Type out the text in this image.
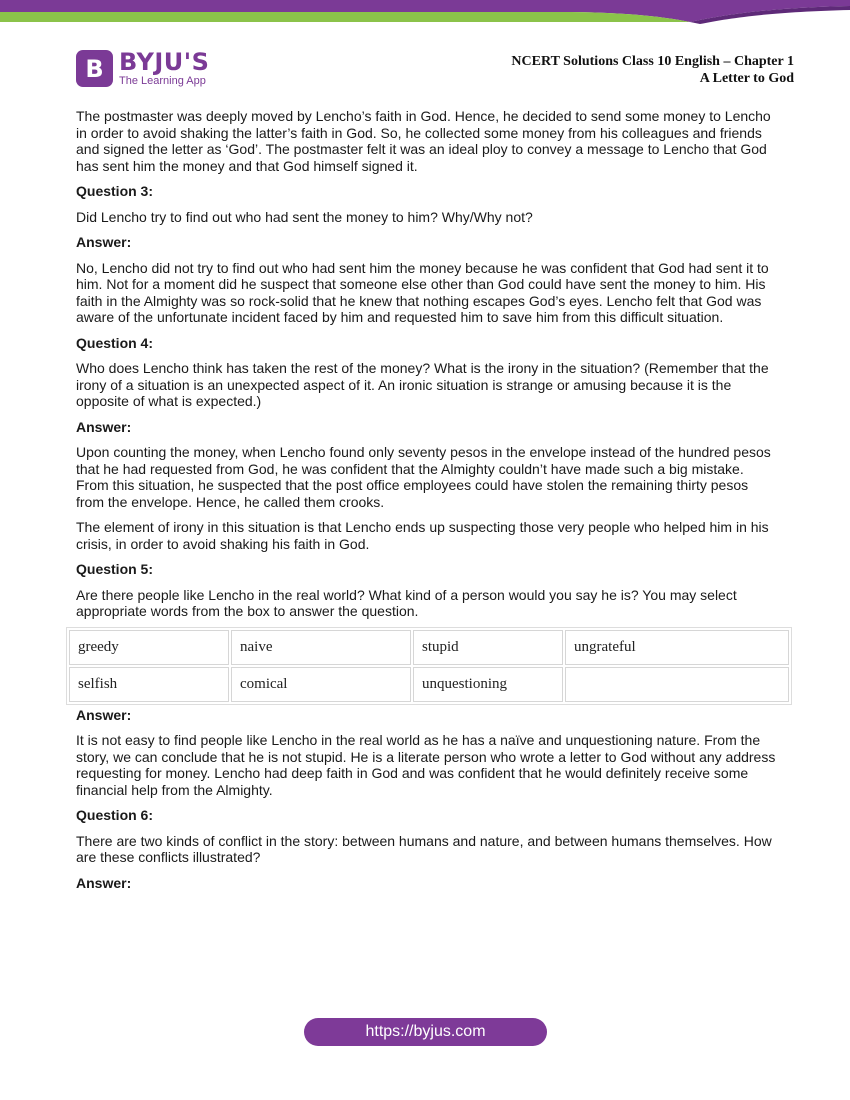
B BYJU'S
The Learning App
NCERT Solutions Class 10 English – Chapter 1
A Letter to God

The postmaster was deeply moved by Lencho’s faith in God. Hence, he decided to send some money to Lencho in order to avoid shaking the latter’s faith in God. So, he collected some money from his colleagues and friends and signed the letter as ‘God’. The postmaster felt it was an ideal ploy to convey a message to Lencho that God has sent him the money and that God himself signed it.

Question 3:

Did Lencho try to find out who had sent the money to him? Why/Why not?

Answer:

No, Lencho did not try to find out who had sent him the money because he was confident that God had sent it to him. Not for a moment did he suspect that someone else other than God could have sent the money to him. His faith in the Almighty was so rock-solid that he knew that nothing escapes God’s eyes. Lencho felt that God was aware of the unfortunate incident faced by him and requested him to save him from this difficult situation.

Question 4:

Who does Lencho think has taken the rest of the money? What is the irony in the situation? (Remember that the irony of a situation is an unexpected aspect of it. An ironic situation is strange or amusing because it is the opposite of what is expected.)

Answer:

Upon counting the money, when Lencho found only seventy pesos in the envelope instead of the hundred pesos that he had requested from God, he was confident that the Almighty couldn’t have made such a big mistake. From this situation, he suspected that the post office employees could have stolen the remaining thirty pesos from the envelope. Hence, he called them crooks.

The element of irony in this situation is that Lencho ends up suspecting those very people who helped him in his crisis, in order to avoid shaking his faith in God.

Question 5:

Are there people like Lencho in the real world? What kind of a person would you say he is? You may select appropriate words from the box to answer the question.

greedy	naive	stupid	ungrateful
selfish	comical	unquestioning	

Answer:

It is not easy to find people like Lencho in the real world as he has a naïve and unquestioning nature. From the story, we can conclude that he is not stupid. He is a literate person who wrote a letter to God without any address requesting for money. Lencho had deep faith in God and was confident that he would definitely receive some financial help from the Almighty.

Question 6:

There are two kinds of conflict in the story: between humans and nature, and between humans themselves. How are these conflicts illustrated?

Answer:

https://byjus.com
